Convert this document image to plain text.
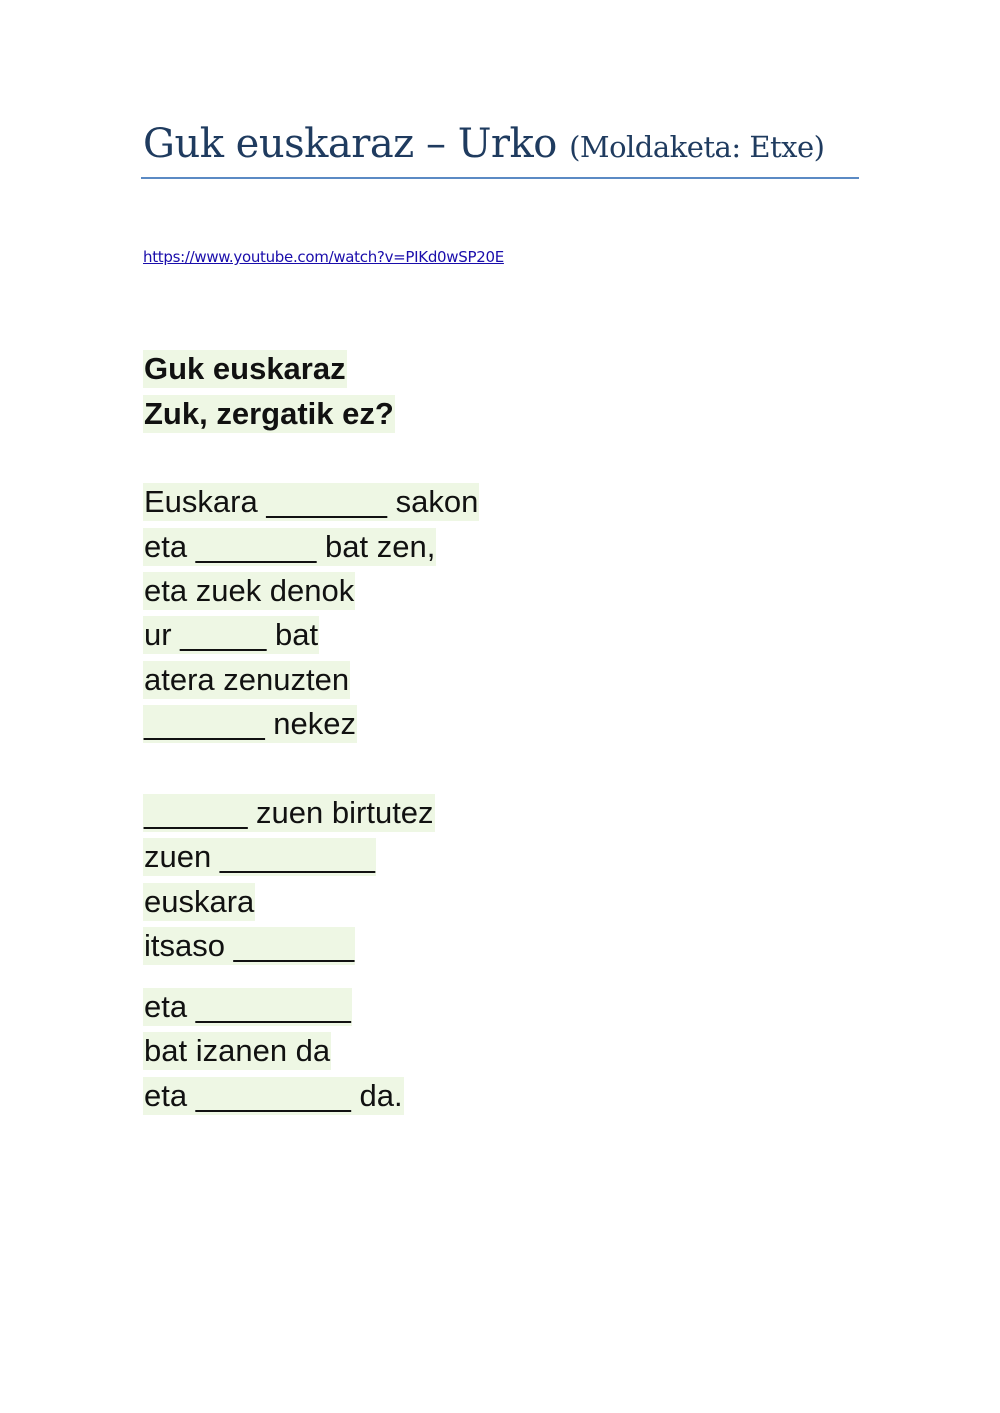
Guk euskaraz – Urko (Moldaketa: Etxe)
https://www.youtube.com/watch?v=PIKd0wSP20E
Guk euskaraz
Zuk, zergatik ez?
Euskara _______ sakon
eta _______ bat zen,
eta zuek denok
ur _____ bat
atera zenuzten
_______ nekez
______ zuen birtutez
zuen _________
euskara
itsaso _______
eta _________
bat izanen da
eta _________ da.
